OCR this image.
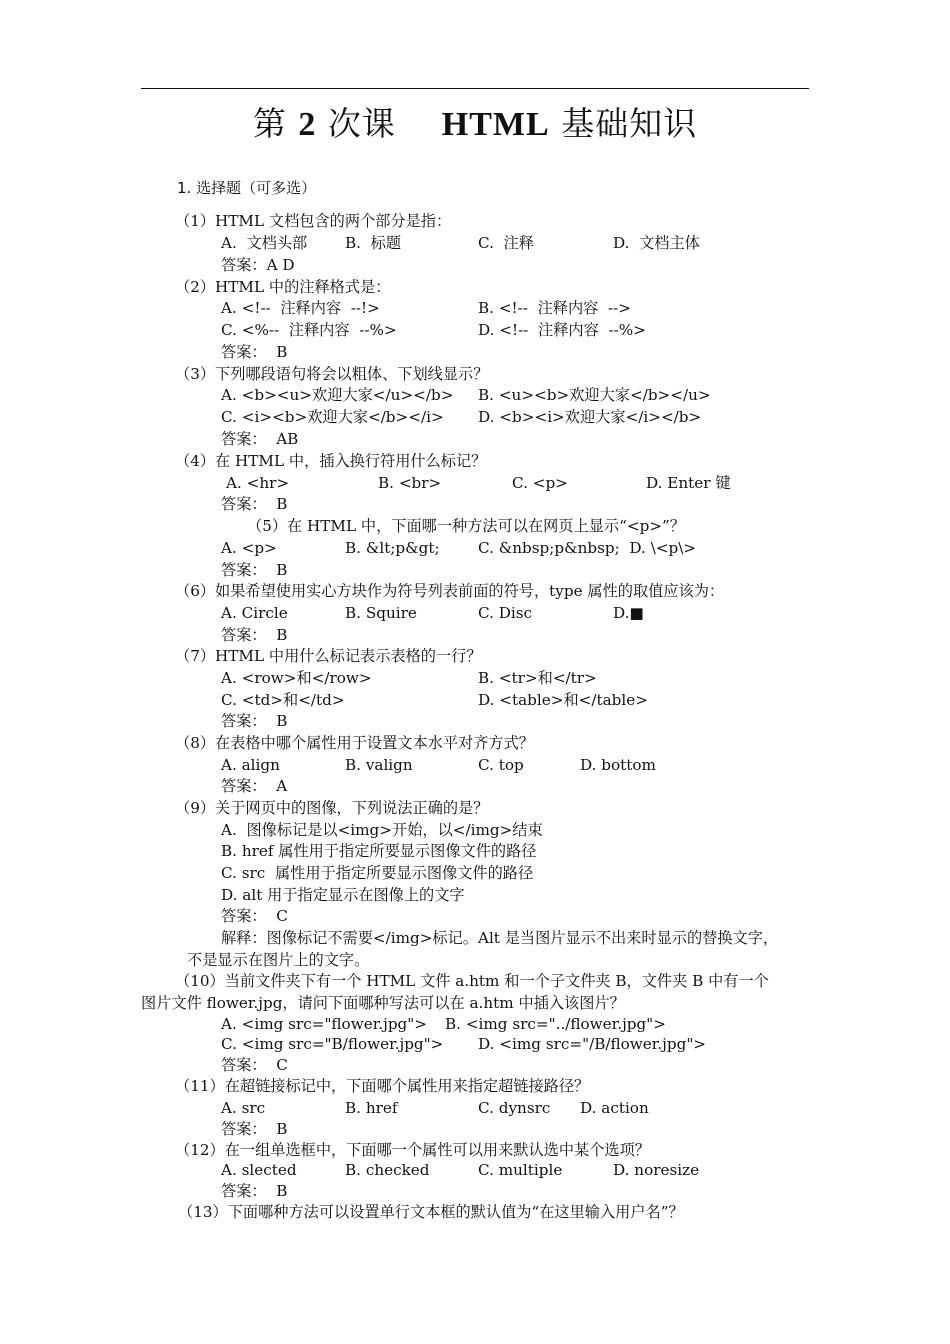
第 2 次课 HTML 基础知识
1. 选择题（可多选）
（1）HTML 文档包含的两个部分是指：
A.  文档头部 B.  标题	C.  注释	D.  文档主体
答案：A D
（2）HTML 中的注释格式是：
A. <!--  注释内容  --!>	B. <!--  注释内容  -->
C. <%--  注释内容  --%>	D. <!--  注释内容  --%>
答案：  B
（3）下列哪段语句将会以粗体、下划线显示？
A. <b><u>欢迎大家</u></b> B. <u><b>欢迎大家</b></u>
C. <i><b>欢迎大家</b></i> D. <b><i>欢迎大家</i></b>
答案：  AB
（4）在 HTML 中，插入换行符用什么标记？
A. <hr>	B. <br>	C. <p>	D. Enter 键
答案：  B
（5）在 HTML 中，下面哪一种方法可以在网页上显示“<p>”？
A. <p>	B. &lt;p&gt;	C. &nbsp;p&nbsp;  D. \<p\>
答案：  B
（6）如果希望使用实心方块作为符号列表前面的符号，type 属性的取值应该为：
A. Circle	B. Squire	C. Disc	D.■
答案：  B
（7）HTML 中用什么标记表示表格的一行？
A. <row>和</row>	B. <tr>和</tr>
C. <td>和</td>	D. <table>和</table>
答案：  B
（8）在表格中哪个属性用于设置文本水平对齐方式？
A. align	B. valign	C. top	D. bottom
答案：  A
（9）关于网页中的图像，下列说法正确的是？
A.  图像标记是以<img>开始，以</img>结束
B. href 属性用于指定所要显示图像文件的路径
C. src  属性用于指定所要显示图像文件的路径
D. alt 用于指定显示在图像上的文字
答案：  C
解释：图像标记不需要</img>标记。Alt 是当图片显示不出来时显示的替换文字，
不是显示在图片上的文字。
（10）当前文件夹下有一个 HTML 文件 a.htm 和一个子文件夹 B，文件夹 B 中有一个
图片文件 flower.jpg，请问下面哪种写法可以在 a.htm 中插入该图片？
A. <img src="flower.jpg"> B. <img src="../flower.jpg">
C. <img src="B/flower.jpg"> D. <img src="/B/flower.jpg">
答案：  C
（11）在超链接标记中，下面哪个属性用来指定超链接路径？
A. src	B. href	C. dynsrc D. action
答案：  B
（12）在一组单选框中，下面哪一个属性可以用来默认选中某个选项？
A. slected	B. checked	C. multiple	D. noresize
答案：  B
（13）下面哪种方法可以设置单行文本框的默认值为“在这里输入用户名”？
